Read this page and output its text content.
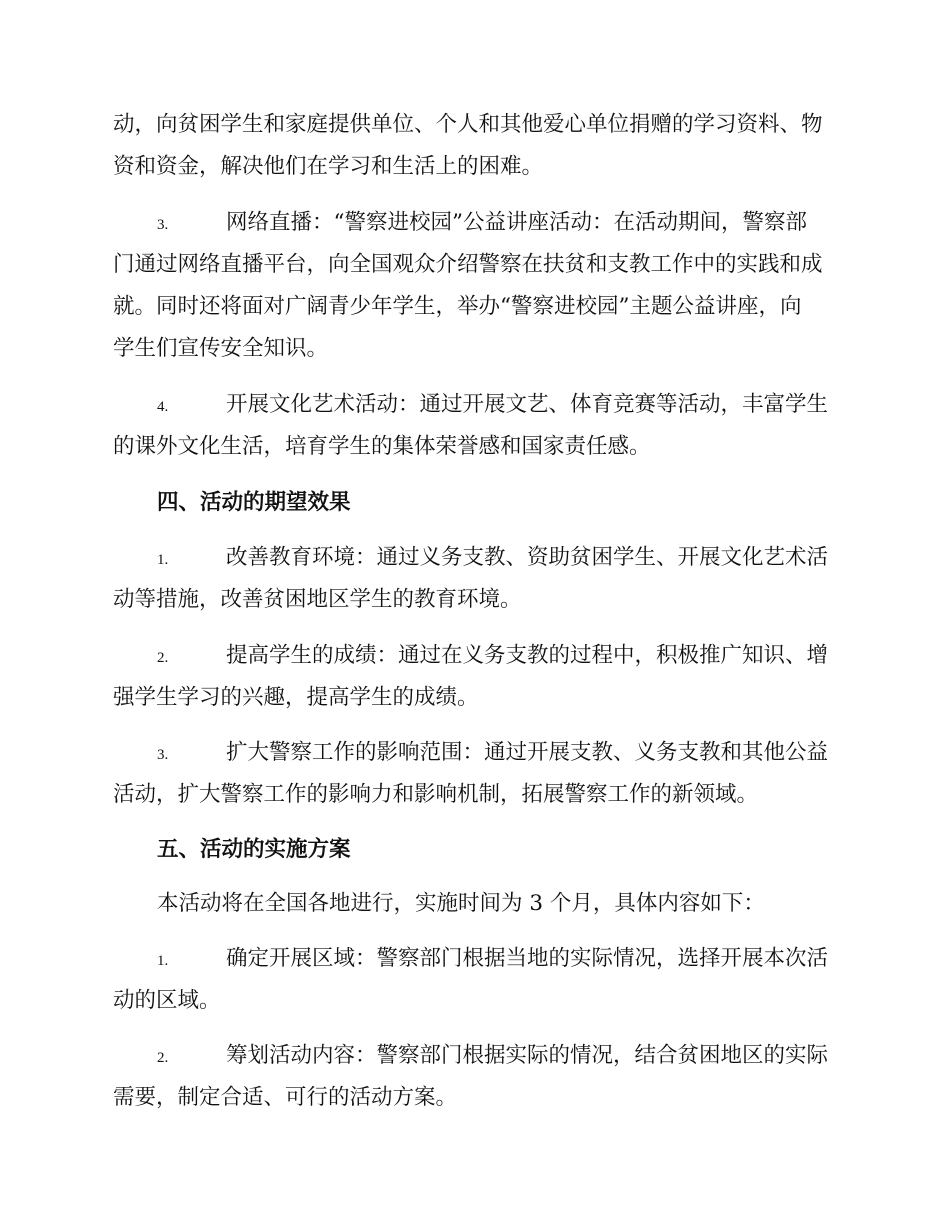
动，向贫困学生和家庭提供单位、个人和其他爱心单位捐赠的学习资料、物
资和资金，解决他们在学习和生活上的困难。
3.	网络直播：“警察进校园”公益讲座活动：在活动期间，警察部
门通过网络直播平台，向全国观众介绍警察在扶贫和支教工作中的实践和成
就。同时还将面对广阔青少年学生，举办“警察进校园”主题公益讲座，向
学生们宣传安全知识。
4.	开展文化艺术活动：通过开展文艺、体育竞赛等活动，丰富学生
的课外文化生活，培育学生的集体荣誉感和国家责任感。
四、活动的期望效果
1.	改善教育环境：通过义务支教、资助贫困学生、开展文化艺术活
动等措施，改善贫困地区学生的教育环境。
2.	提高学生的成绩：通过在义务支教的过程中，积极推广知识、增
强学生学习的兴趣，提高学生的成绩。
3.	扩大警察工作的影响范围：通过开展支教、义务支教和其他公益
活动，扩大警察工作的影响力和影响机制，拓展警察工作的新领域。
五、活动的实施方案
本活动将在全国各地进行，实施时间为 3 个月，具体内容如下：
1.	确定开展区域：警察部门根据当地的实际情况，选择开展本次活
动的区域。
2.	筹划活动内容：警察部门根据实际的情况，结合贫困地区的实际
需要，制定合适、可行的活动方案。
